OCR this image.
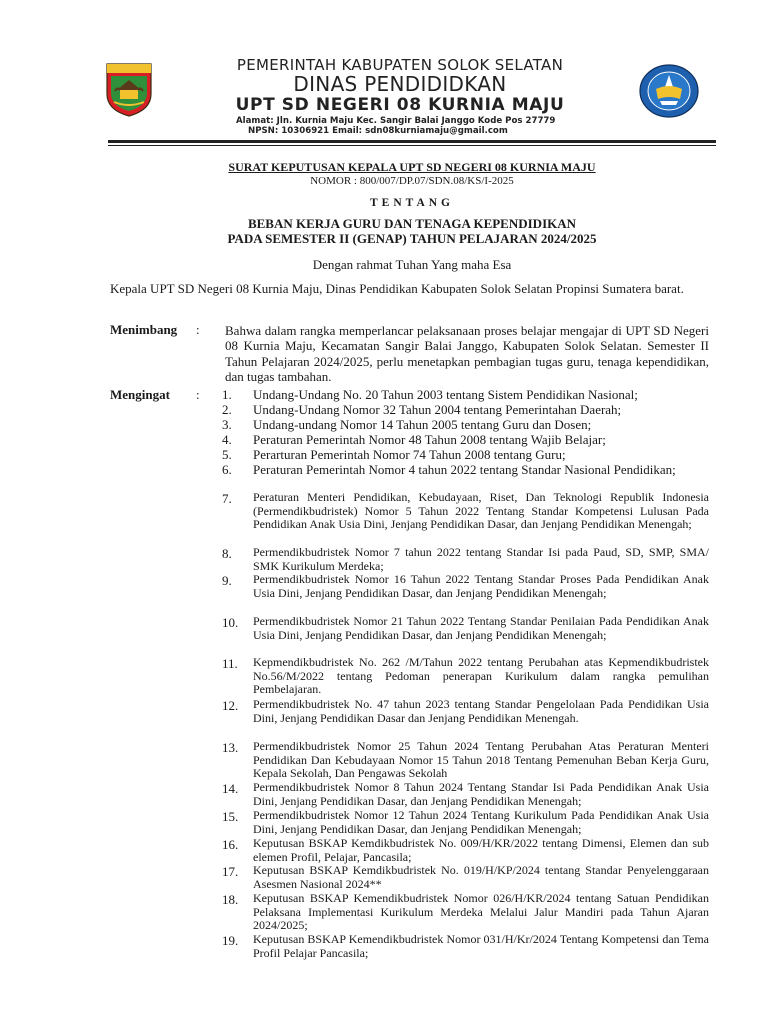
PEMERINTAH KABUPATEN SOLOK SELATAN
DINAS PENDIDIDKAN
UPT SD NEGERI 08 KURNIA MAJU
Alamat: Jln. Kurnia Maju Kec. Sangir Balai Janggo Kode Pos 27779
NPSN: 10306921 Email: sdn08kurniamaju@gmail.com
SURAT KEPUTUSAN KEPALA UPT SD NEGERI 08 KURNIA MAJU
NOMOR : 800/007/DP.07/SDN.08/KS/I-2025
TENTANG
BEBAN KERJA GURU DAN TENAGA KEPENDIDIKAN
PADA SEMESTER II (GENAP) TAHUN PELAJARAN 2024/2025
Dengan rahmat Tuhan Yang maha Esa
Kepala UPT SD Negeri 08 Kurnia Maju, Dinas Pendidikan Kabupaten Solok Selatan Propinsi Sumatera barat.
Menimbang : Bahwa dalam rangka memperlancar pelaksanaan proses belajar mengajar di UPT SD Negeri 08 Kurnia Maju, Kecamatan Sangir Balai Janggo, Kabupaten Solok Selatan. Semester II Tahun Pelajaran 2024/2025, perlu menetapkan pembagian tugas guru, tenaga kependidikan, dan tugas tambahan.
Mengingat : 1. Undang-Undang No. 20 Tahun 2003 tentang Sistem Pendidikan Nasional;
2. Undang-Undang Nomor 32 Tahun 2004 tentang Pemerintahan Daerah;
3. Undang-undang Nomor 14 Tahun 2005 tentang Guru dan Dosen;
4. Peraturan Pemerintah Nomor 48 Tahun 2008 tentang Wajib Belajar;
5. Perarturan Pemerintah Nomor 74 Tahun 2008 tentang Guru;
6. Peraturan Pemerintah Nomor 4 tahun 2022 tentang Standar Nasional Pendidikan;
7. Peraturan Menteri Pendidikan, Kebudayaan, Riset, Dan Teknologi Republik Indonesia (Permendikbudristek) Nomor 5 Tahun 2022 Tentang Standar Kompetensi Lulusan Pada Pendidikan Anak Usia Dini, Jenjang Pendidikan Dasar, dan Jenjang Pendidikan Menengah;
8. Permendikbudristek Nomor 7 tahun 2022 tentang Standar Isi pada Paud, SD, SMP, SMA/ SMK Kurikulum Merdeka;
9. Permendikbudristek Nomor 16 Tahun 2022 Tentang Standar Proses Pada Pendidikan Anak Usia Dini, Jenjang Pendidikan Dasar, dan Jenjang Pendidikan Menengah;
10. Permendikbudristek Nomor 21 Tahun 2022 Tentang Standar Penilaian Pada Pendidikan Anak Usia Dini, Jenjang Pendidikan Dasar, dan Jenjang Pendidikan Menengah;
11. Kepmendikbudristek No. 262 /M/Tahun 2022 tentang Perubahan atas Kepmendikbudristek No.56/M/2022 tentang Pedoman penerapan Kurikulum dalam rangka pemulihan Pembelajaran.
12. Permendikbudristek No. 47 tahun 2023 tentang Standar Pengelolaan Pada Pendidikan Usia Dini, Jenjang Pendidikan Dasar dan Jenjang Pendidikan Menengah.
13. Permendikbudristek Nomor 25 Tahun 2024 Tentang Perubahan Atas Peraturan Menteri Pendidikan Dan Kebudayaan Nomor 15 Tahun 2018 Tentang Pemenuhan Beban Kerja Guru, Kepala Sekolah, Dan Pengawas Sekolah
14. Permendikbudristek Nomor 8 Tahun 2024 Tentang Standar Isi Pada Pendidikan Anak Usia Dini, Jenjang Pendidikan Dasar, dan Jenjang Pendidikan Menengah;
15. Permendikbudristek Nomor 12 Tahun 2024 Tentang Kurikulum Pada Pendidikan Anak Usia Dini, Jenjang Pendidikan Dasar, dan Jenjang Pendidikan Menengah;
16. Keputusan BSKAP Kemdikbudristek No. 009/H/KR/2022 tentang Dimensi, Elemen dan sub elemen Profil, Pelajar, Pancasila;
17. Keputusan BSKAP Kemdikbudristek No. 019/H/KP/2024 tentang Standar Penyelenggaraan Asesmen Nasional 2024**
18. Keputusan BSKAP Kemendikbudristek Nomor 026/H/KR/2024 tentang Satuan Pendidikan Pelaksana Implementasi Kurikulum Merdeka Melalui Jalur Mandiri pada Tahun Ajaran 2024/2025;
19. Keputusan BSKAP Kemendikbudristek Nomor 031/H/Kr/2024 Tentang Kompetensi dan Tema Profil Pelajar Pancasila;
